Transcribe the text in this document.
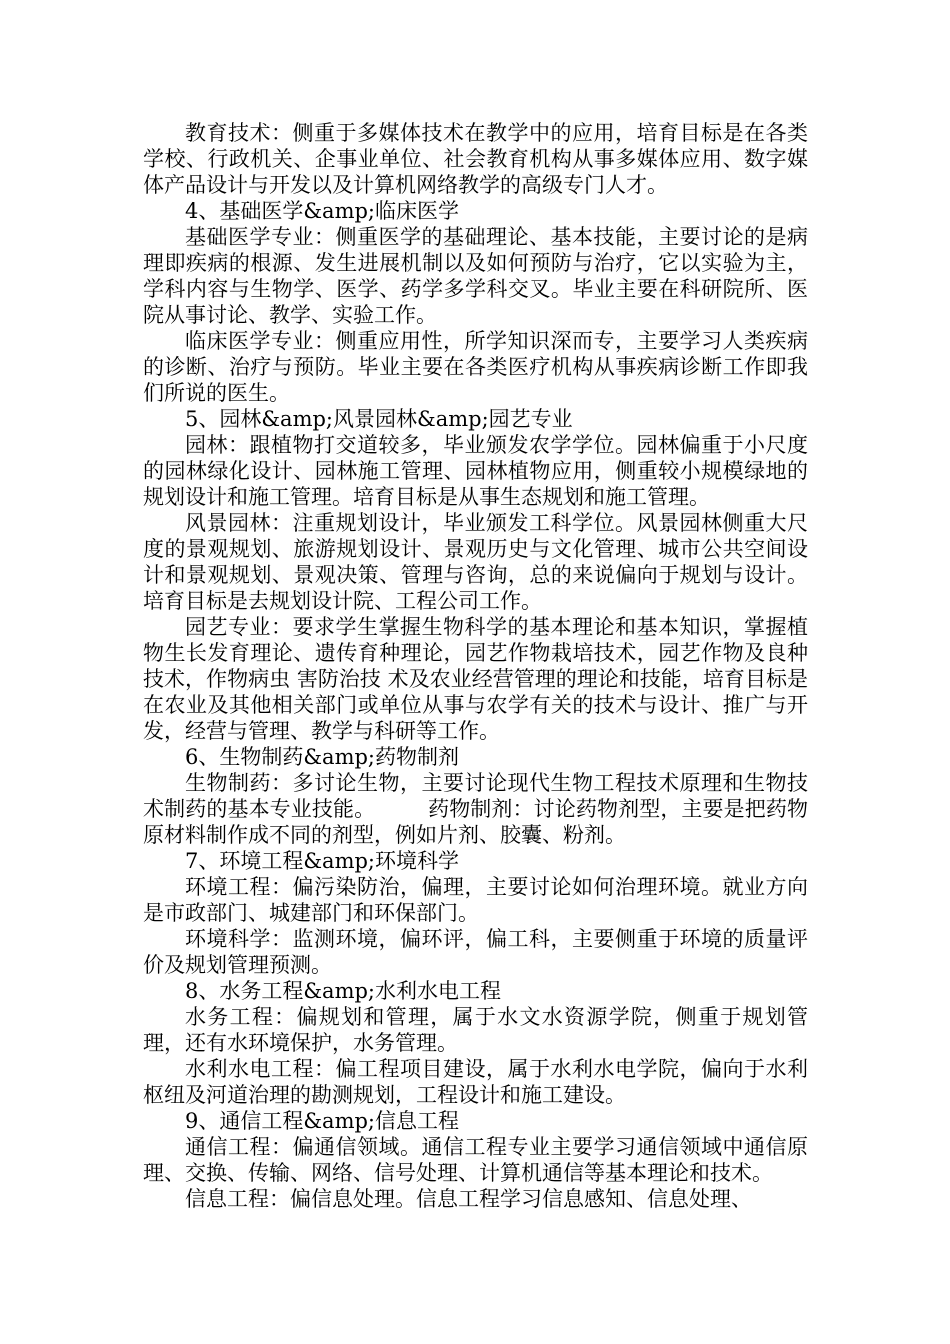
教育技术：侧重于多媒体技术在教学中的应用，培育目标是在各类学校、行政机关、企事业单位、社会教育机构从事多媒体应用、数字媒体产品设计与开发以及计算机网络教学的高级专门人才。

4、基础医学&amp;临床医学

基础医学专业：侧重医学的基础理论、基本技能，主要讨论的是病理即疾病的根源、发生进展机制以及如何预防与治疗，它以实验为主，学科内容与生物学、医学、药学多学科交叉。毕业主要在科研院所、医院从事讨论、教学、实验工作。

临床医学专业：侧重应用性，所学知识深而专，主要学习人类疾病的诊断、治疗与预防。毕业主要在各类医疗机构从事疾病诊断工作即我们所说的医生。

5、园林&amp;风景园林&amp;园艺专业

园林：跟植物打交道较多，毕业颁发农学学位。园林偏重于小尺度的园林绿化设计、园林施工管理、园林植物应用，侧重较小规模绿地的规划设计和施工管理。培育目标是从事生态规划和施工管理。

风景园林：注重规划设计，毕业颁发工科学位。风景园林侧重大尺度的景观规划、旅游规划设计、景观历史与文化管理、城市公共空间设计和景观规划、景观决策、管理与咨询，总的来说偏向于规划与设计。培育目标是去规划设计院、工程公司工作。

园艺专业：要求学生掌握生物科学的基本理论和基本知识，掌握植物生长发育理论、遗传育种理论，园艺作物栽培技术，园艺作物及良种技术，作物病虫 害防治技 术及农业经营管理的理论和技能，培育目标是在农业及其他相关部门或单位从事与农学有关的技术与设计、推广与开发，经营与管理、教学与科研等工作。

6、生物制药&amp;药物制剂

生物制药：多讨论生物，主要讨论现代生物工程技术原理和生物技术制药的基本专业技能。　　　药物制剂：讨论药物剂型，主要是把药物原材料制作成不同的剂型，例如片剂、胶囊、粉剂。

7、环境工程&amp;环境科学

环境工程：偏污染防治，偏理，主要讨论如何治理环境。就业方向是市政部门、城建部门和环保部门。

环境科学：监测环境，偏环评，偏工科，主要侧重于环境的质量评价及规划管理预测。

8、水务工程&amp;水利水电工程

水务工程：偏规划和管理，属于水文水资源学院，侧重于规划管理，还有水环境保护，水务管理。

水利水电工程：偏工程项目建设，属于水利水电学院，偏向于水利枢纽及河道治理的勘测规划，工程设计和施工建设。

9、通信工程&amp;信息工程

通信工程：偏通信领域。通信工程专业主要学习通信领域中通信原理、交换、传输、网络、信号处理、计算机通信等基本理论和技术。

信息工程：偏信息处理。信息工程学习信息感知、信息处理、
